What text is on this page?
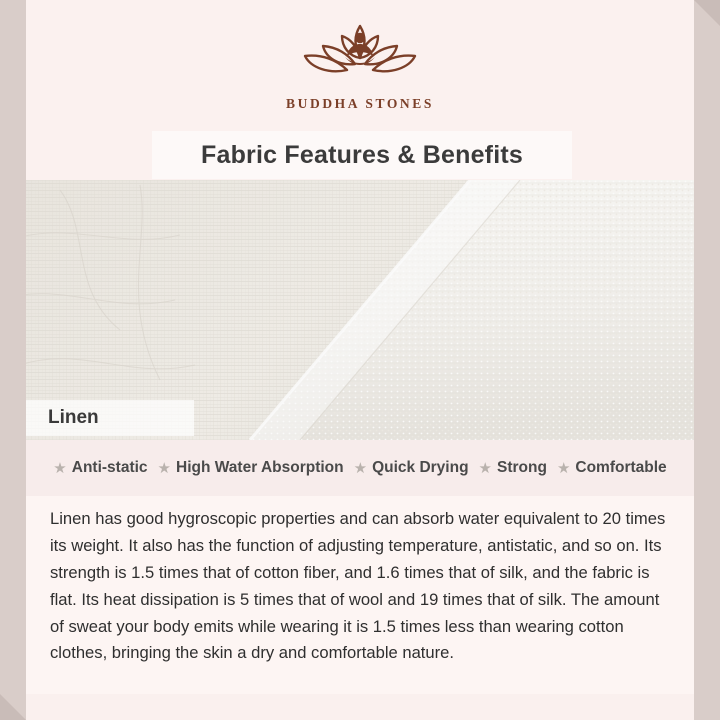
BUDDHA STONES
Fabric Features & Benefits
Linen
★ Anti-static ★ High Water Absorption ★ Quick Drying ★ Strong ★ Comfortable
Linen has good hygroscopic properties and can absorb water equivalent to 20 times its weight. It also has the function of adjusting temperature, antistatic, and so on. Its strength is 1.5 times that of cotton fiber, and 1.6 times that of silk, and the fabric is flat. Its heat dissipation is 5 times that of wool and 19 times that of silk. The amount of sweat your body emits while wearing it is 1.5 times less than wearing cotton clothes, bringing the skin a dry and comfortable nature.
